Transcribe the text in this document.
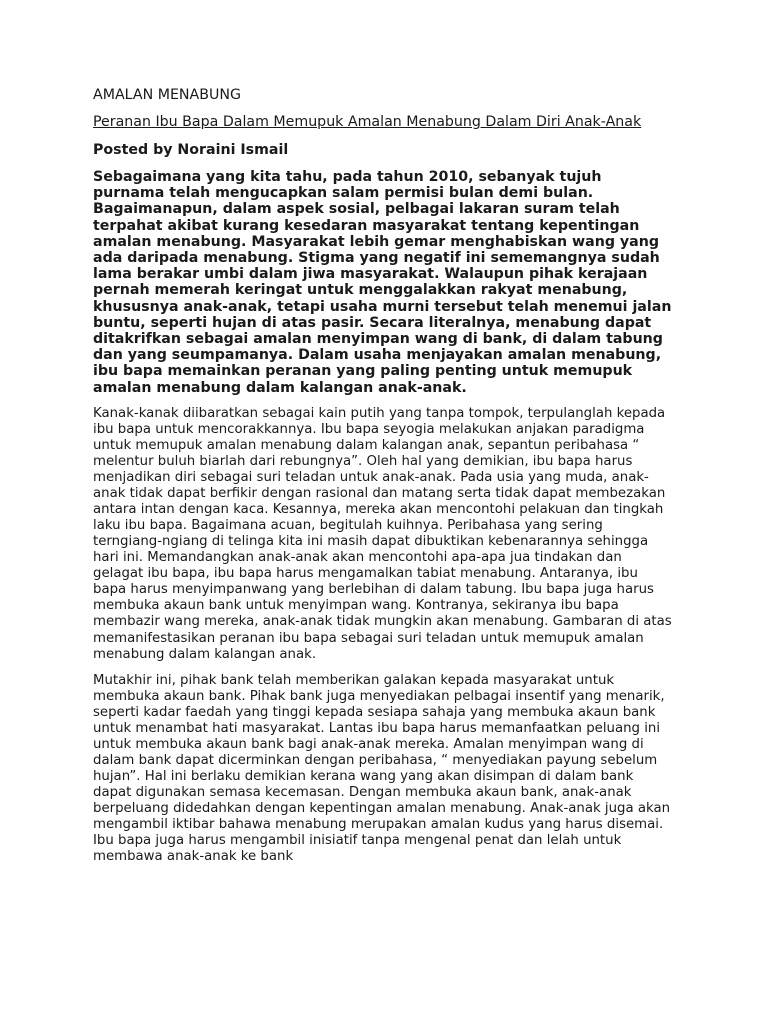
AMALAN MENABUNG
Peranan Ibu Bapa Dalam Memupuk Amalan Menabung Dalam Diri Anak-Anak
Posted by Noraini Ismail

Sebagaimana yang kita tahu, pada tahun 2010, sebanyak tujuh purnama telah mengucapkan salam permisi bulan demi bulan. Bagaimanapun, dalam aspek sosial, pelbagai lakaran suram telah terpahat akibat kurang kesedaran masyarakat tentang kepentingan amalan menabung. Masyarakat lebih gemar menghabiskan wang yang ada daripada menabung. Stigma yang negatif ini sememangnya sudah lama berakar umbi dalam jiwa masyarakat. Walaupun pihak kerajaan pernah memerah keringat untuk menggalakkan rakyat menabung, khususnya anak-anak, tetapi usaha murni tersebut telah menemui jalan buntu, seperti hujan di atas pasir. Secara literalnya, menabung dapat ditakrifkan sebagai amalan menyimpan wang di bank, di dalam tabung dan yang seumpamanya. Dalam usaha menjayakan amalan menabung, ibu bapa memainkan peranan yang paling penting untuk memupuk amalan menabung dalam kalangan anak-anak.

Kanak-kanak diibaratkan sebagai kain putih yang tanpa tompok, terpulanglah kepada ibu bapa untuk mencorakkannya. Ibu bapa seyogia melakukan anjakan paradigma untuk memupuk amalan menabung dalam kalangan anak, sepantun peribahasa “ melentur buluh biarlah dari rebungnya”. Oleh hal yang demikian, ibu bapa harus menjadikan diri sebagai suri teladan untuk anak-anak. Pada usia yang muda, anak-anak tidak dapat berfikir dengan rasional dan matang serta tidak dapat membezakan antara intan dengan kaca. Kesannya, mereka akan mencontohi pelakuan dan tingkah laku ibu bapa. Bagaimana acuan, begitulah kuihnya. Peribahasa yang sering terngiang-ngiang di telinga kita ini masih dapat dibuktikan kebenarannya sehingga hari ini. Memandangkan anak-anak akan mencontohi apa-apa jua tindakan dan gelagat ibu bapa, ibu bapa harus mengamalkan tabiat menabung. Antaranya, ibu bapa harus menyimpanwang yang berlebihan di dalam tabung. Ibu bapa juga harus membuka akaun bank untuk menyimpan wang. Kontranya, sekiranya ibu bapa membazir wang mereka, anak-anak tidak mungkin akan menabung. Gambaran di atas memanifestasikan peranan ibu bapa sebagai suri teladan untuk memupuk amalan menabung dalam kalangan anak.

Mutakhir ini, pihak bank telah memberikan galakan kepada masyarakat untuk membuka akaun bank. Pihak bank juga menyediakan pelbagai insentif yang menarik, seperti kadar faedah yang tinggi kepada sesiapa sahaja yang membuka akaun bank untuk menambat hati masyarakat. Lantas ibu bapa harus memanfaatkan peluang ini untuk membuka akaun bank bagi anak-anak mereka. Amalan menyimpan wang di dalam bank dapat dicerminkan dengan peribahasa, “ menyediakan payung sebelum hujan”. Hal ini berlaku demikian kerana wang yang akan disimpan di dalam bank dapat digunakan semasa kecemasan. Dengan membuka akaun bank, anak-anak berpeluang didedahkan dengan kepentingan amalan menabung. Anak-anak juga akan mengambil iktibar bahawa menabung merupakan amalan kudus yang harus disemai. Ibu bapa juga harus mengambil inisiatif tanpa mengenal penat dan lelah untuk membawa anak-anak ke bank
